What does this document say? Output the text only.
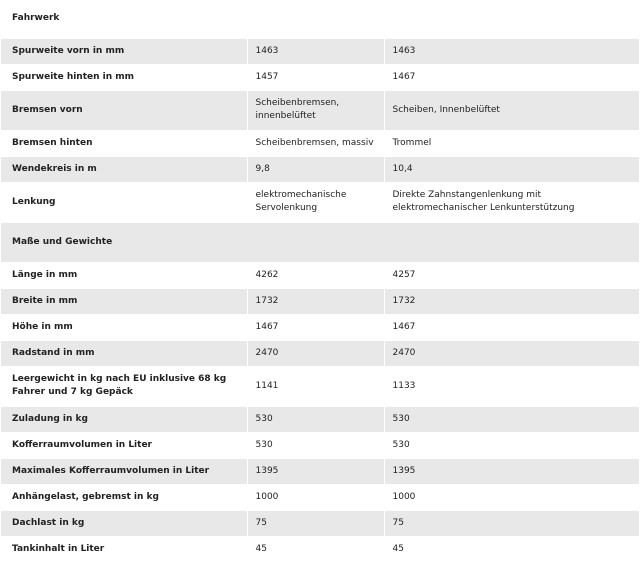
Fahrwerk		
Spurweite vorn in mm	1463	1463
Spurweite hinten in mm	1457	1467
Bremsen vorn	Scheibenbremsen, innenbelüftet	Scheiben, Innenbelüftet
Bremsen hinten	Scheibenbremsen, massiv	Trommel
Wendekreis in m	9,8	10,4
Lenkung	elektromechanische Servolenkung	Direkte Zahnstangenlenkung mit elektromechanischer Lenkunterstützung
Maße und Gewichte		
Länge in mm	4262	4257
Breite in mm	1732	1732
Höhe in mm	1467	1467
Radstand in mm	2470	2470
Leergewicht in kg nach EU inklusive 68 kg Fahrer und 7 kg Gepäck	1141	1133
Zuladung in kg	530	530
Kofferraumvolumen in Liter	530	530
Maximales Kofferraumvolumen in Liter	1395	1395
Anhängelast, gebremst in kg	1000	1000
Dachlast in kg	75	75
Tankinhalt in Liter	45	45
